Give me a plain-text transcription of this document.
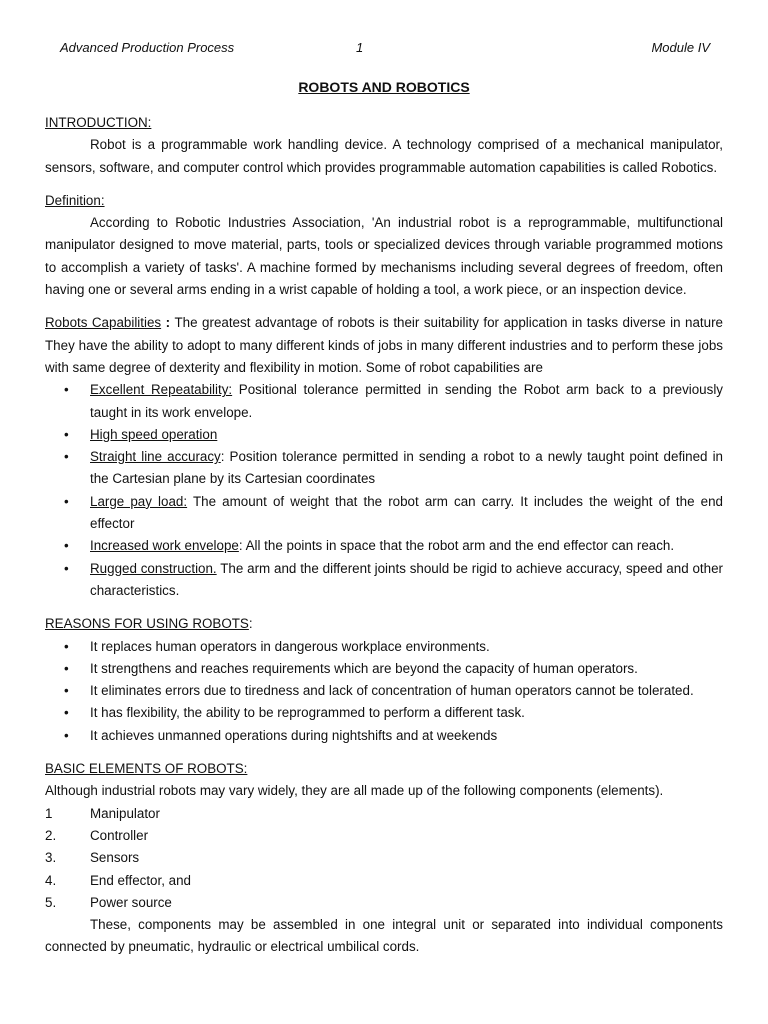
Advanced Production Process	1	Module IV
ROBOTS AND ROBOTICS
INTRODUCTION:

Robot is a programmable work handling device. A technology comprised of a mechanical manipulator, sensors, software, and computer control which provides programmable automation capabilities is called Robotics.

Definition:

According to Robotic Industries Association, 'An industrial robot is a reprogrammable, multifunctional manipulator designed to move material, parts, tools or specialized devices through variable programmed motions to accomplish a variety of tasks'. A machine formed by mechanisms including several degrees of freedom, often having one or several arms ending in a wrist capable of holding a tool, a work piece, or an inspection device.

Robots Capabilities : The greatest advantage of robots is their suitability for application in tasks diverse in nature They have the ability to adopt to many different kinds of jobs in many different industries and to perform these jobs with same degree of dexterity and flexibility in motion. Some of robot capabilities are

• Excellent Repeatability: Positional tolerance permitted in sending the Robot arm back to a previously taught in its work envelope.
• High speed operation
• Straight line accuracy: Position tolerance permitted in sending a robot to a newly taught point defined in the Cartesian plane by its Cartesian coordinates
• Large pay load: The amount of weight that the robot arm can carry. It includes the weight of the end effector
• Increased work envelope: All the points in space that the robot arm and the end effector can reach.
• Rugged construction. The arm and the different joints should be rigid to achieve accuracy, speed and other characteristics.
REASONS FOR USING ROBOTS:
• It replaces human operators in dangerous workplace environments.
• It strengthens and reaches requirements which are beyond the capacity of human operators.
• It eliminates errors due to tiredness and lack of concentration of human operators cannot be tolerated.
• It has flexibility, the ability to be reprogrammed to perform a different task.
• It achieves unmanned operations during nightshifts and at weekends
BASIC ELEMENTS OF ROBOTS:

Although industrial robots may vary widely, they are all made up of the following components (elements).

1	Manipulator
2.	Controller
3.	Sensors
4.	End effector, and
5.	Power source

These, components may be assembled in one integral unit or separated into individual components connected by pneumatic, hydraulic or electrical umbilical cords.
